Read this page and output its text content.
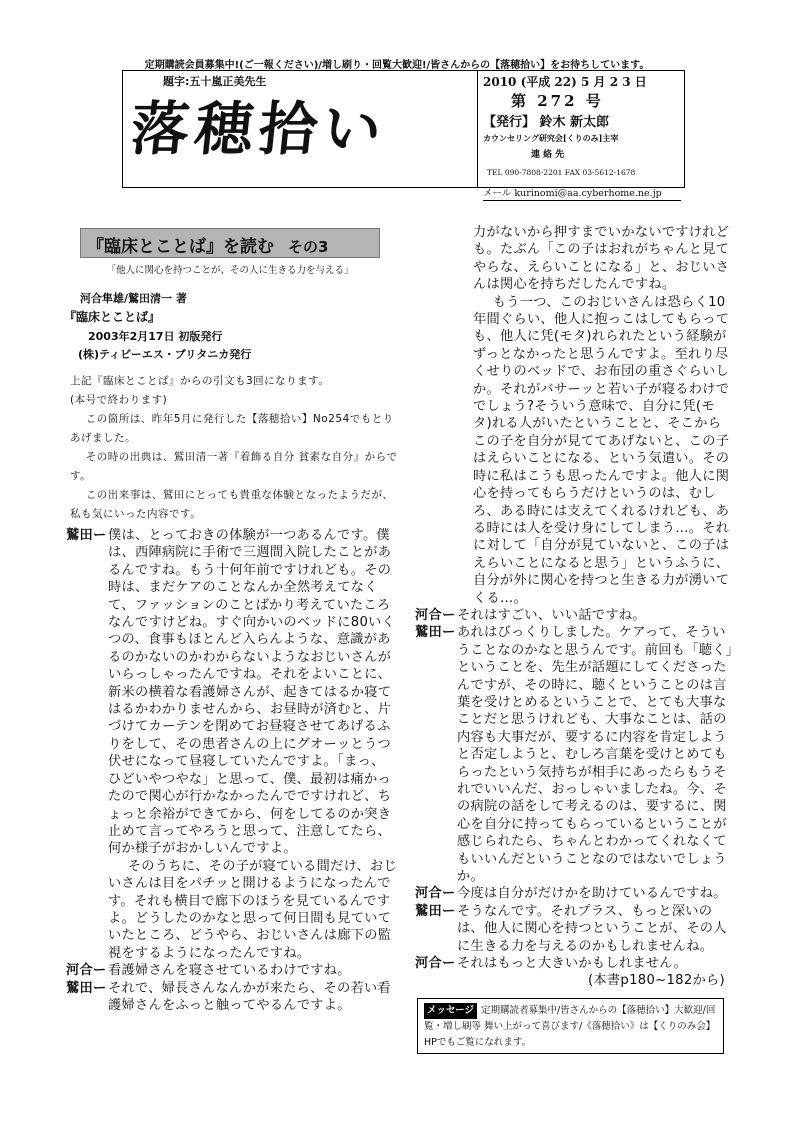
定期購読会員募集中!(ご一報ください)/増し刷り・回覧大歓迎!/皆さんからの【落穂拾い】をお待ちしています。
題字:五十嵐正美先生
落穂拾い
2010 (平成 22) 5 月 2 3 日
第 272 号
【発行】 鈴木 新太郎
カウンセリング研究会[くりのみ]主宰
連 絡 先
TEL 090-7808-2201 FAX 03-5612-1678
メール kurinomi@aa.cyberhome.ne.jp
『臨床とことば』を読む その3
「他人に関心を持つことが、その人に生きる力を与える」
河合隼雄/鷲田清一 著
『臨床とことば』
2003年2月17日 初版発行
(株)ティビーエス・ブリタニカ発行
上記『臨床とことば』からの引文も3回になります。
(本号で終わります)
この箇所は、昨年5月に発行した【落穂拾い】No254でもとりあげました。
その時の出典は、鷲田清一著『着飾る自分 貧素な自分』からです。
この出来事は、鷲田にとっても貴重な体験となったようだが、私も気にいった内容です。

鷲田ー 僕は、とっておきの体験が一つあるんです。僕は、西陣病院に手術で三週間入院したことがあるんですね。もう十何年前ですけれども。その時は、まだケアのことなんか全然考えてなくて、ファッションのことばかり考えていたころなんですけどね。すぐ向かいのベッドに80いくつの、食事もほとんど入らんような、意識があるのかないのかわからないようなおじいさんがいらっしゃったんですね。それをよいことに、新米の横着な看護婦さんが、起きてはるか寝てはるかわかりませんから、お昼時が済むと、片づけてカーテンを閉めてお昼寝させてあげるふりをして、その患者さんの上にグオーッとうつ伏せになって昼寝していたんですよ。「まっ、ひどいやつやな」と思って、僕、最初は痛かったので関心が行かなかったんでですけれど、ちょっと余裕ができてから、何をしてるのか突き止めて言ってやろうと思って、注意してたら、何か様子がおかしいんですよ。

そのうちに、その子が寝ている間だけ、おじいさんは目をパチッと開けるようになったんです。それも横目で廊下のほうを見ているんですよ。どうしたのかなと思って何日間も見ていていたところ、どうやら、おじいさんは廊下の監視をするようになったんですね。

河合ー 看護婦さんを寝させているわけですね。

鷲田ー それで、婦長さんなんかが来たら、その若い看護婦さんをふっと触ってやるんですよ。

力がないから押すまでいかないですけれども。たぶん「この子はおれがちゃんと見てやらな、えらいことになる」と、おじいさんは関心を持ちだしたんですね。

もう一つ、このおじいさんは恐らく10年間ぐらい、他人に抱っこはしてもらっても、他人に凭(モタ)れられたという経験がずっとなかったと思うんですよ。至れり尽くせりのベッドで、お布団の重さぐらいしか。それがバサーッと若い子が寝るわけででしょう?そういう意味で、自分に凭(モタ)れる人がいたということと、そこからこの子を自分が見ててあげないと、この子はえらいことになる、という気遣い。その時に私はこうも思ったんですよ。他人に関心を持ってもらうだけというのは、むしろ、ある時には支えてくれるけれども、ある時には人を受け身にしてしまう…。それに対して「自分が見ていないと、この子はえらいことになると思う」というふうに、自分が外に関心を持つと生きる力が湧いてくる…。

河合ー それはすごい、いい話ですね。

鷲田ー あれはびっくりしました。ケアって、そういうことなのかなと思うんです。前回も「聴く」ということを、先生が話題にしてくださったんですが、その時に、聴くということのは言葉を受けとめるということで、とても大事なことだと思うけれども、大事なことは、話の内容も大事だが、要するに内容を肯定しようと否定しようと、むしろ言葉を受けとめてもらったという気持ちが相手にあったらもうそれでいいんだ、おっしゃいましたね。今、その病院の話をして考えるのは、要するに、関心を自分に持ってもらっているということが感じられたら、ちゃんとわかってくれなくてもいいんだということなのではないでしょうか。

河合ー 今度は自分がだけかを助けているんですね。

鷲田ー そうなんです。それプラス、もっと深いのは、他人に関心を持つということが、その人に生きる力を与えるのかもしれませんね。

河合ー それはもっと大きいかもしれません。

(本書p180~182から)

メッセージ 定期購読者募集中/皆さんからの【落穂拾い】大歓迎/回覧・増し刷等 舞い上がって喜びます/《落穂拾い》は【くりのみ会】HPでもご覧になれます。
